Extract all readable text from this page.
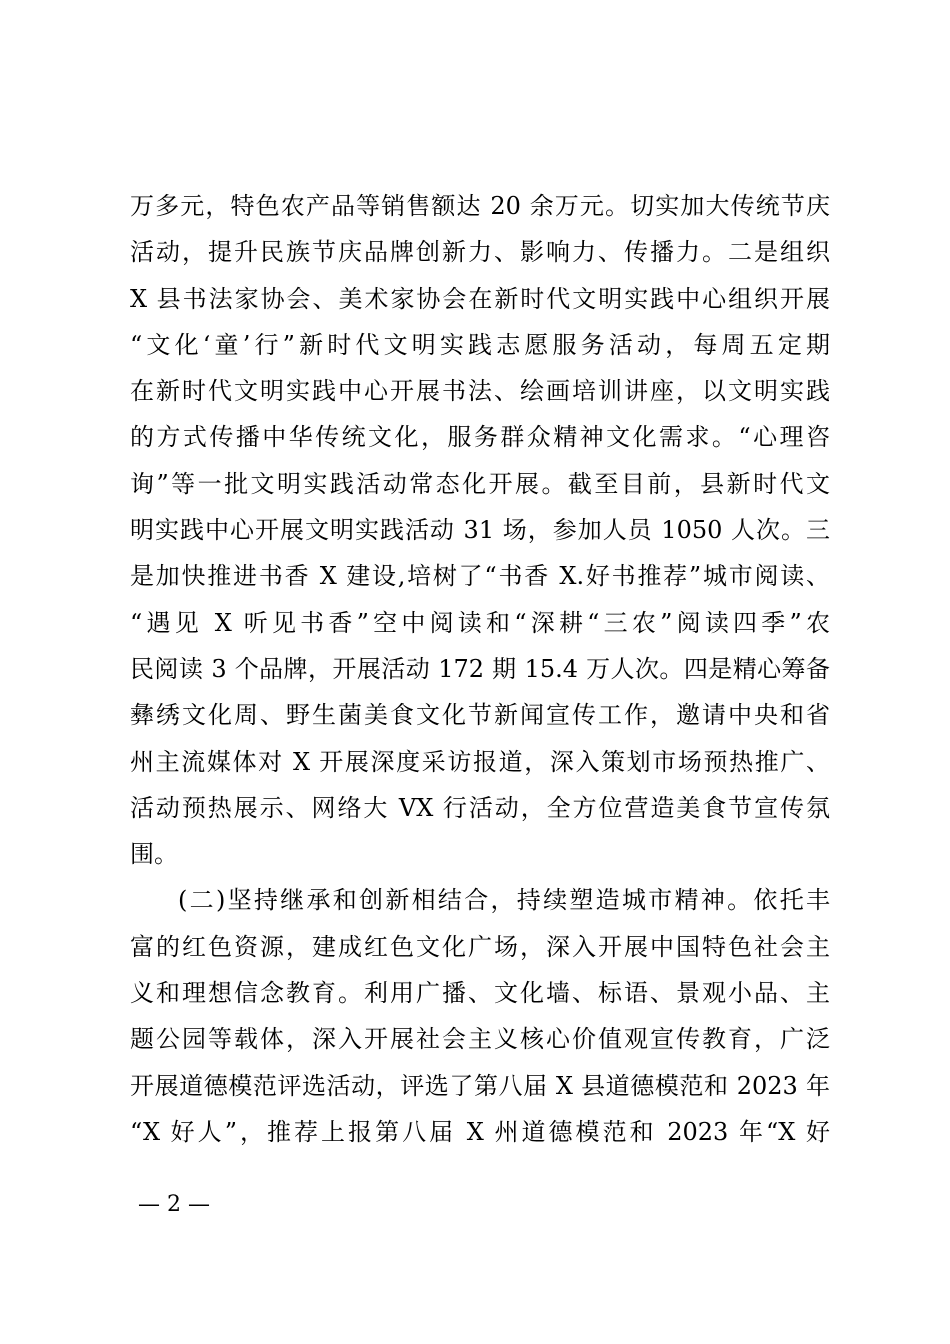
万多元，特色农产品等销售额达 20 余万元。切实加大传统节庆
活动，提升民族节庆品牌创新力、影响力、传播力。二是组织
X 县书法家协会、美术家协会在新时代文明实践中心组织开展
“文化‘童’行”新时代文明实践志愿服务活动，每周五定期
在新时代文明实践中心开展书法、绘画培训讲座，以文明实践
的方式传播中华传统文化，服务群众精神文化需求。“心理咨
询”等一批文明实践活动常态化开展。截至目前，县新时代文
明实践中心开展文明实践活动 31 场，参加人员 1050 人次。三
是加快推进书香 X 建设,培树了“书香 X.好书推荐”城市阅读、
“遇见 X 听见书香”空中阅读和“深耕“三农”阅读四季”农
民阅读 3 个品牌，开展活动 172 期 15.4 万人次。四是精心筹备
彝绣文化周、野生菌美食文化节新闻宣传工作，邀请中央和省
州主流媒体对 X 开展深度采访报道，深入策划市场预热推广、
活动预热展示、网络大 VX 行活动，全方位营造美食节宣传氛
围。
(二)坚持继承和创新相结合，持续塑造城市精神。依托丰
富的红色资源，建成红色文化广场，深入开展中国特色社会主
义和理想信念教育。利用广播、文化墙、标语、景观小品、主
题公园等载体，深入开展社会主义核心价值观宣传教育，广泛
开展道德模范评选活动，评选了第八届 X 县道德模范和 2023 年
“X 好人”，推荐上报第八届 X 州道德模范和 2023 年“X 好
— 2 —
